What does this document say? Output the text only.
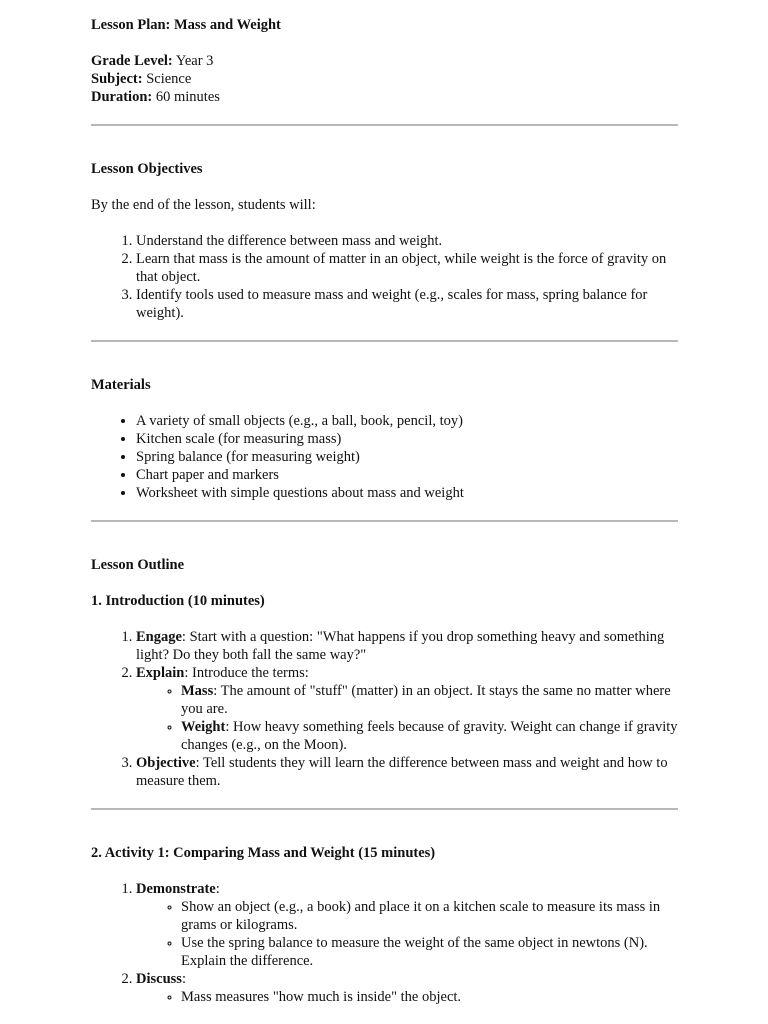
Lesson Plan: Mass and Weight

Grade Level: Year 3

Subject: Science

Duration: 60 minutes

Lesson Objectives

By the end of the lesson, students will:

1. Understand the difference between mass and weight.
2. Learn that mass is the amount of matter in an object, while weight is the force of gravity on that object.
3. Identify tools used to measure mass and weight (e.g., scales for mass, spring balance for weight).
Materials
• A variety of small objects (e.g., a ball, book, pencil, toy)
• Kitchen scale (for measuring mass)
• Spring balance (for measuring weight)
• Chart paper and markers
• Worksheet with simple questions about mass and weight
Lesson Outline
1. Introduction (10 minutes)
1. Engage: Start with a question: "What happens if you drop something heavy and something light? Do they both fall the same way?"
2. Explain: Introduce the terms:
◦ Mass: The amount of "stuff" (matter) in an object. It stays the same no matter where you are.
◦ Weight: How heavy something feels because of gravity. Weight can change if gravity changes (e.g., on the Moon).
3. Objective: Tell students they will learn the difference between mass and weight and how to measure them.
2. Activity 1: Comparing Mass and Weight (15 minutes)
1. Demonstrate:
◦ Show an object (e.g., a book) and place it on a kitchen scale to measure its mass in grams or kilograms.
◦ Use the spring balance to measure the weight of the same object in newtons (N). Explain the difference.
2. Discuss:
◦ Mass measures "how much is inside" the object.
